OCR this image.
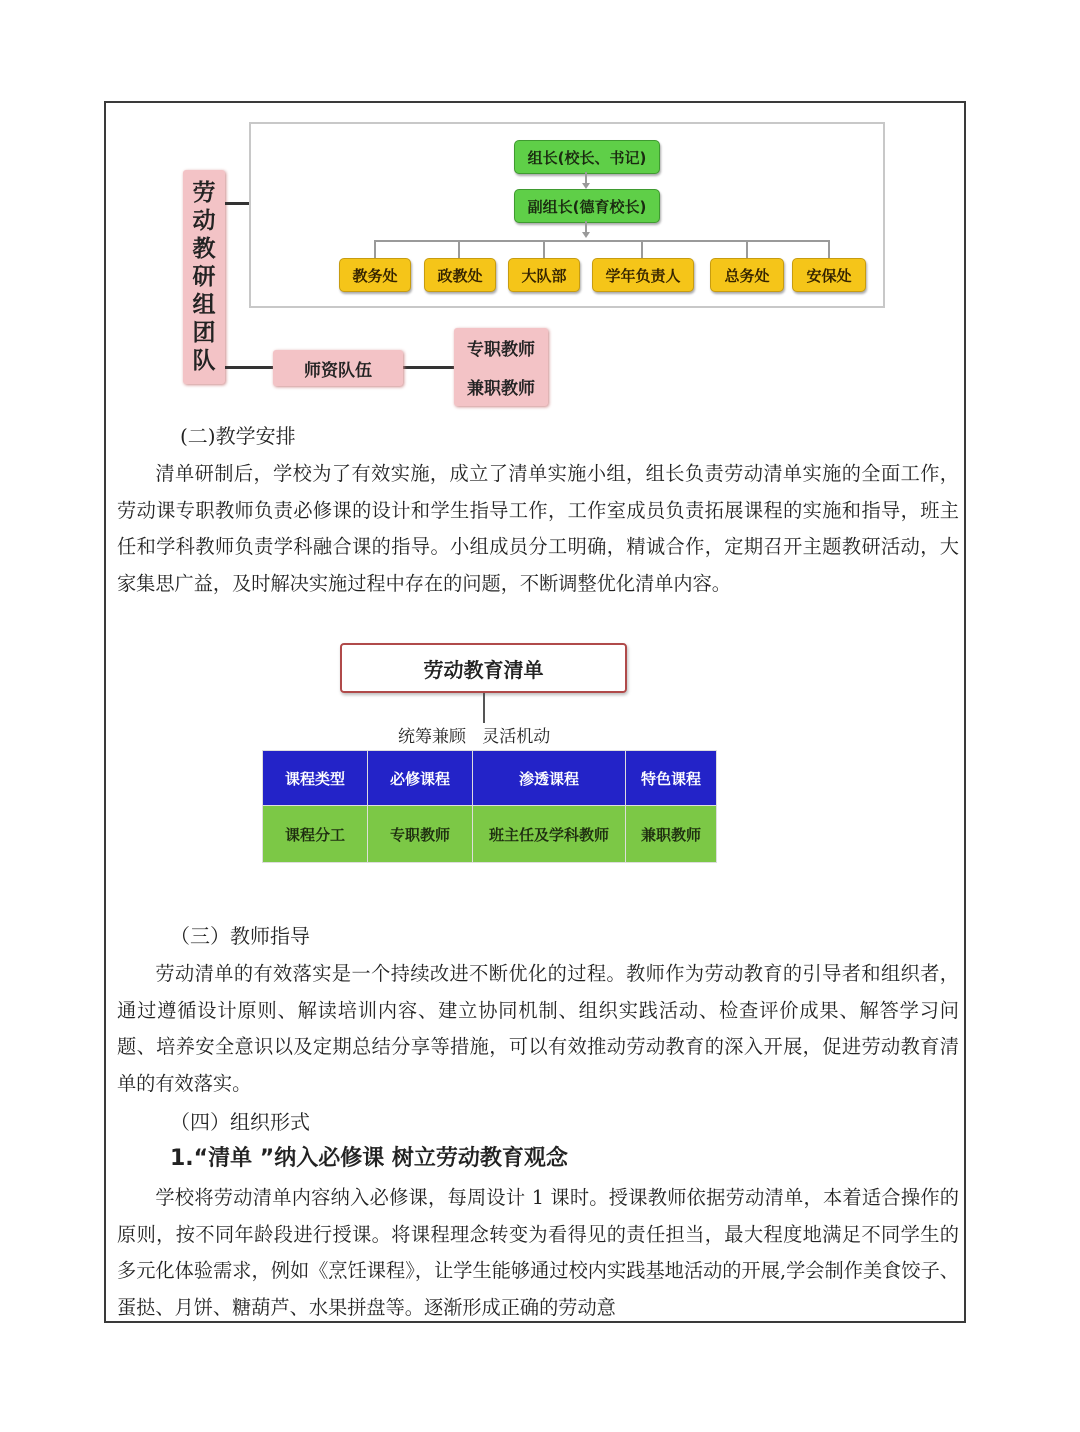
劳
动
教
研
组
团
队
组长(校长、书记)
副组长(德育校长)
教务处	政教处	大队部	学年负责人	总务处	安保处
师资队伍
专职教师
兼职教师
(二)教学安排

清单研制后，学校为了有效实施，成立了清单实施小组，组长负责劳动清单实施的全面工作，劳动课专职教师负责必修课的设计和学生指导工作，工作室成员负责拓展课程的实施和指导，班主任和学科教师负责学科融合课的指导。小组成员分工明确，精诚合作，定期召开主题教研活动，大家集思广益，及时解决实施过程中存在的问题，不断调整优化清单内容。

劳动教育清单
统筹兼顾   灵活机动
课程类型	必修课程	渗透课程	特色课程
课程分工	专职教师	班主任及学科教师	兼职教师
（三）教师指导

劳动清单的有效落实是一个持续改进不断优化的过程。教师作为劳动教育的引导者和组织者，通过遵循设计原则、解读培训内容、建立协同机制、组织实践活动、检查评价成果、解答学习问题、培养安全意识以及定期总结分享等措施，可以有效推动劳动教育的深入开展，促进劳动教育清单的有效落实。

（四）组织形式
1.“清单 ”纳入必修课 树立劳动教育观念

学校将劳动清单内容纳入必修课，每周设计 1 课时。授课教师依据劳动清单，本着适合操作的原则，按不同年龄段进行授课。将课程理念转变为看得见的责任担当，最大程度地满足不同学生的多元化体验需求，例如《烹饪课程》，让学生能够通过校内实践基地活动的开展,学会制作美食饺子、蛋挞、月饼、糖葫芦、水果拼盘等。逐渐形成正确的劳动意
